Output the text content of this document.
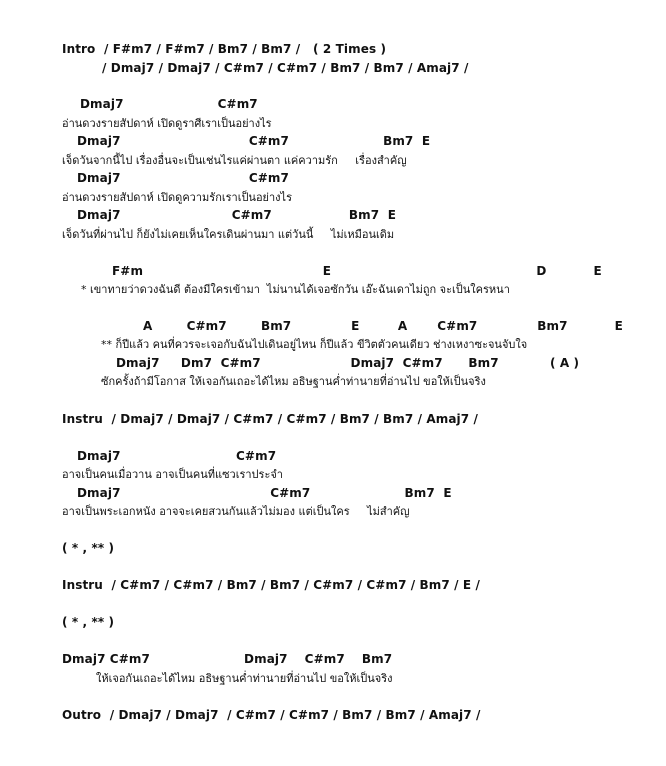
Intro  / F#m7 / F#m7 / Bm7 / Bm7 /   ( 2 Times )
/ Dmaj7 / Dmaj7 / C#m7 / C#m7 / Bm7 / Bm7 / Amaj7 /
Dmaj7                      C#m7
อ่านดวงรายสัปดาห์ เปิดดูราศีเราเป็นอย่างไร
Dmaj7                              C#m7                      Bm7  E
เจ็ดวันจากนี้ไป เรื่องอื่นจะเป็นเช่นไรแค่ผ่านตา แค่ความรัก     เรื่องสำคัญ
Dmaj7                              C#m7
อ่านดวงรายสัปดาห์ เปิดดูความรักเราเป็นอย่างไร
Dmaj7                          C#m7                  Bm7  E
เจ็ดวันที่ผ่านไป ก็ยังไม่เคยเห็นใครเดินผ่านมา แต่วันนี้     ไม่เหมือนเดิม
F#m                                          E                                                D           E
* เขาทายว่าดวงฉันดี ต้องมีใครเข้ามา  ไม่นานได้เจอซักวัน เอ๊ะฉันเดาไม่ถูก จะเป็นใครหนา
A        C#m7        Bm7              E         A       C#m7              Bm7           E
** ก็ปีแล้ว คนที่ควรจะเจอกับฉันไปเดินอยู่ไหน ก็ปีแล้ว ขีวิตตัวคนเดียว ช่างเหงาซะจนจับใจ
Dmaj7     Dm7  C#m7                     Dmaj7  C#m7      Bm7            ( A )
ซักครั้งถ้ามีโอกาส ให้เจอกันเถอะได้ไหม อธิษฐานค่ำท่านายที่อ่านไป ขอให้เป็นจริง
Instru  / Dmaj7 / Dmaj7 / C#m7 / C#m7 / Bm7 / Bm7 / Amaj7 /
Dmaj7                           C#m7
อาจเป็นคนเมื่อวาน อาจเป็นคนที่แซวเราประจำ
Dmaj7                                   C#m7                      Bm7  E
อาจเป็นพระเอกหนัง อาจจะเคยสวนกันแล้วไม่มอง แต่เป็นใคร     ไม่สำคัญ
( * , ** )
Instru  / C#m7 / C#m7 / Bm7 / Bm7 / C#m7 / C#m7 / Bm7 / E /
( * , ** )
Dmaj7 C#m7                      Dmaj7    C#m7    Bm7
ให้เจอกันเถอะได้ไหม อธิษฐานค่ำท่านายที่อ่านไป ขอให้เป็นจริง
Outro  / Dmaj7 / Dmaj7  / C#m7 / C#m7 / Bm7 / Bm7 / Amaj7 /
